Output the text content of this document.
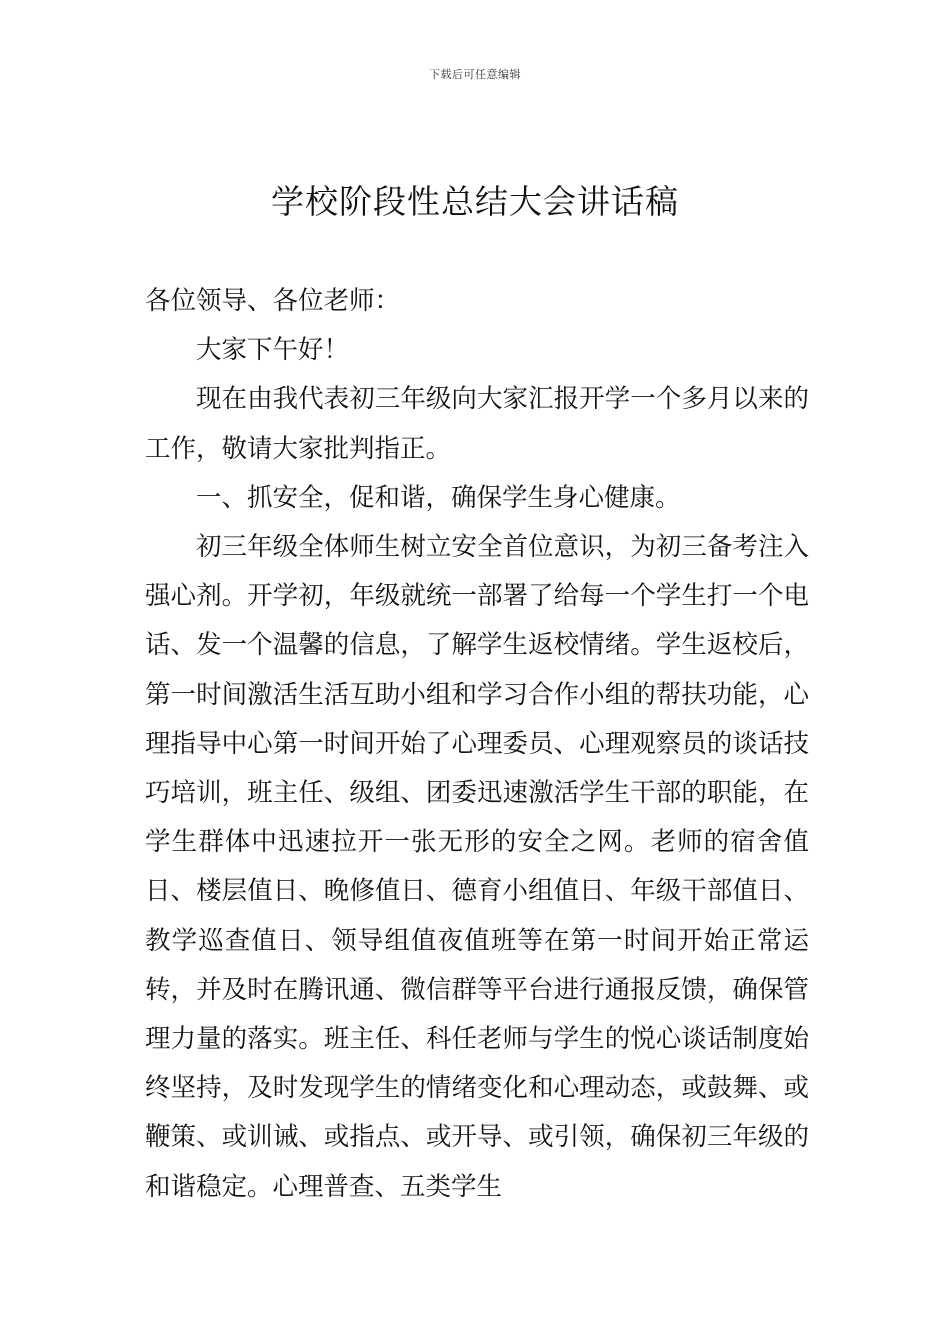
下载后可任意编辑
学校阶段性总结大会讲话稿

各位领导、各位老师：

大家下午好！

现在由我代表初三年级向大家汇报开学一个多月以来的工作，敬请大家批判指正。

一、抓安全，促和谐，确保学生身心健康。

初三年级全体师生树立安全首位意识，为初三备考注入强心剂。开学初，年级就统一部署了给每一个学生打一个电话、发一个温馨的信息，了解学生返校情绪。学生返校后，第一时间激活生活互助小组和学习合作小组的帮扶功能，心理指导中心第一时间开始了心理委员、心理观察员的谈话技巧培训，班主任、级组、团委迅速激活学生干部的职能，在学生群体中迅速拉开一张无形的安全之网。老师的宿舍值日、楼层值日、晚修值日、德育小组值日、年级干部值日、教学巡查值日、领导组值夜值班等在第一时间开始正常运转，并及时在腾讯通、微信群等平台进行通报反馈，确保管理力量的落实。班主任、科任老师与学生的悦心谈话制度始终坚持，及时发现学生的情绪变化和心理动态，或鼓舞、或鞭策、或训诫、或指点、或开导、或引领，确保初三年级的和谐稳定。心理普查、五类学生
